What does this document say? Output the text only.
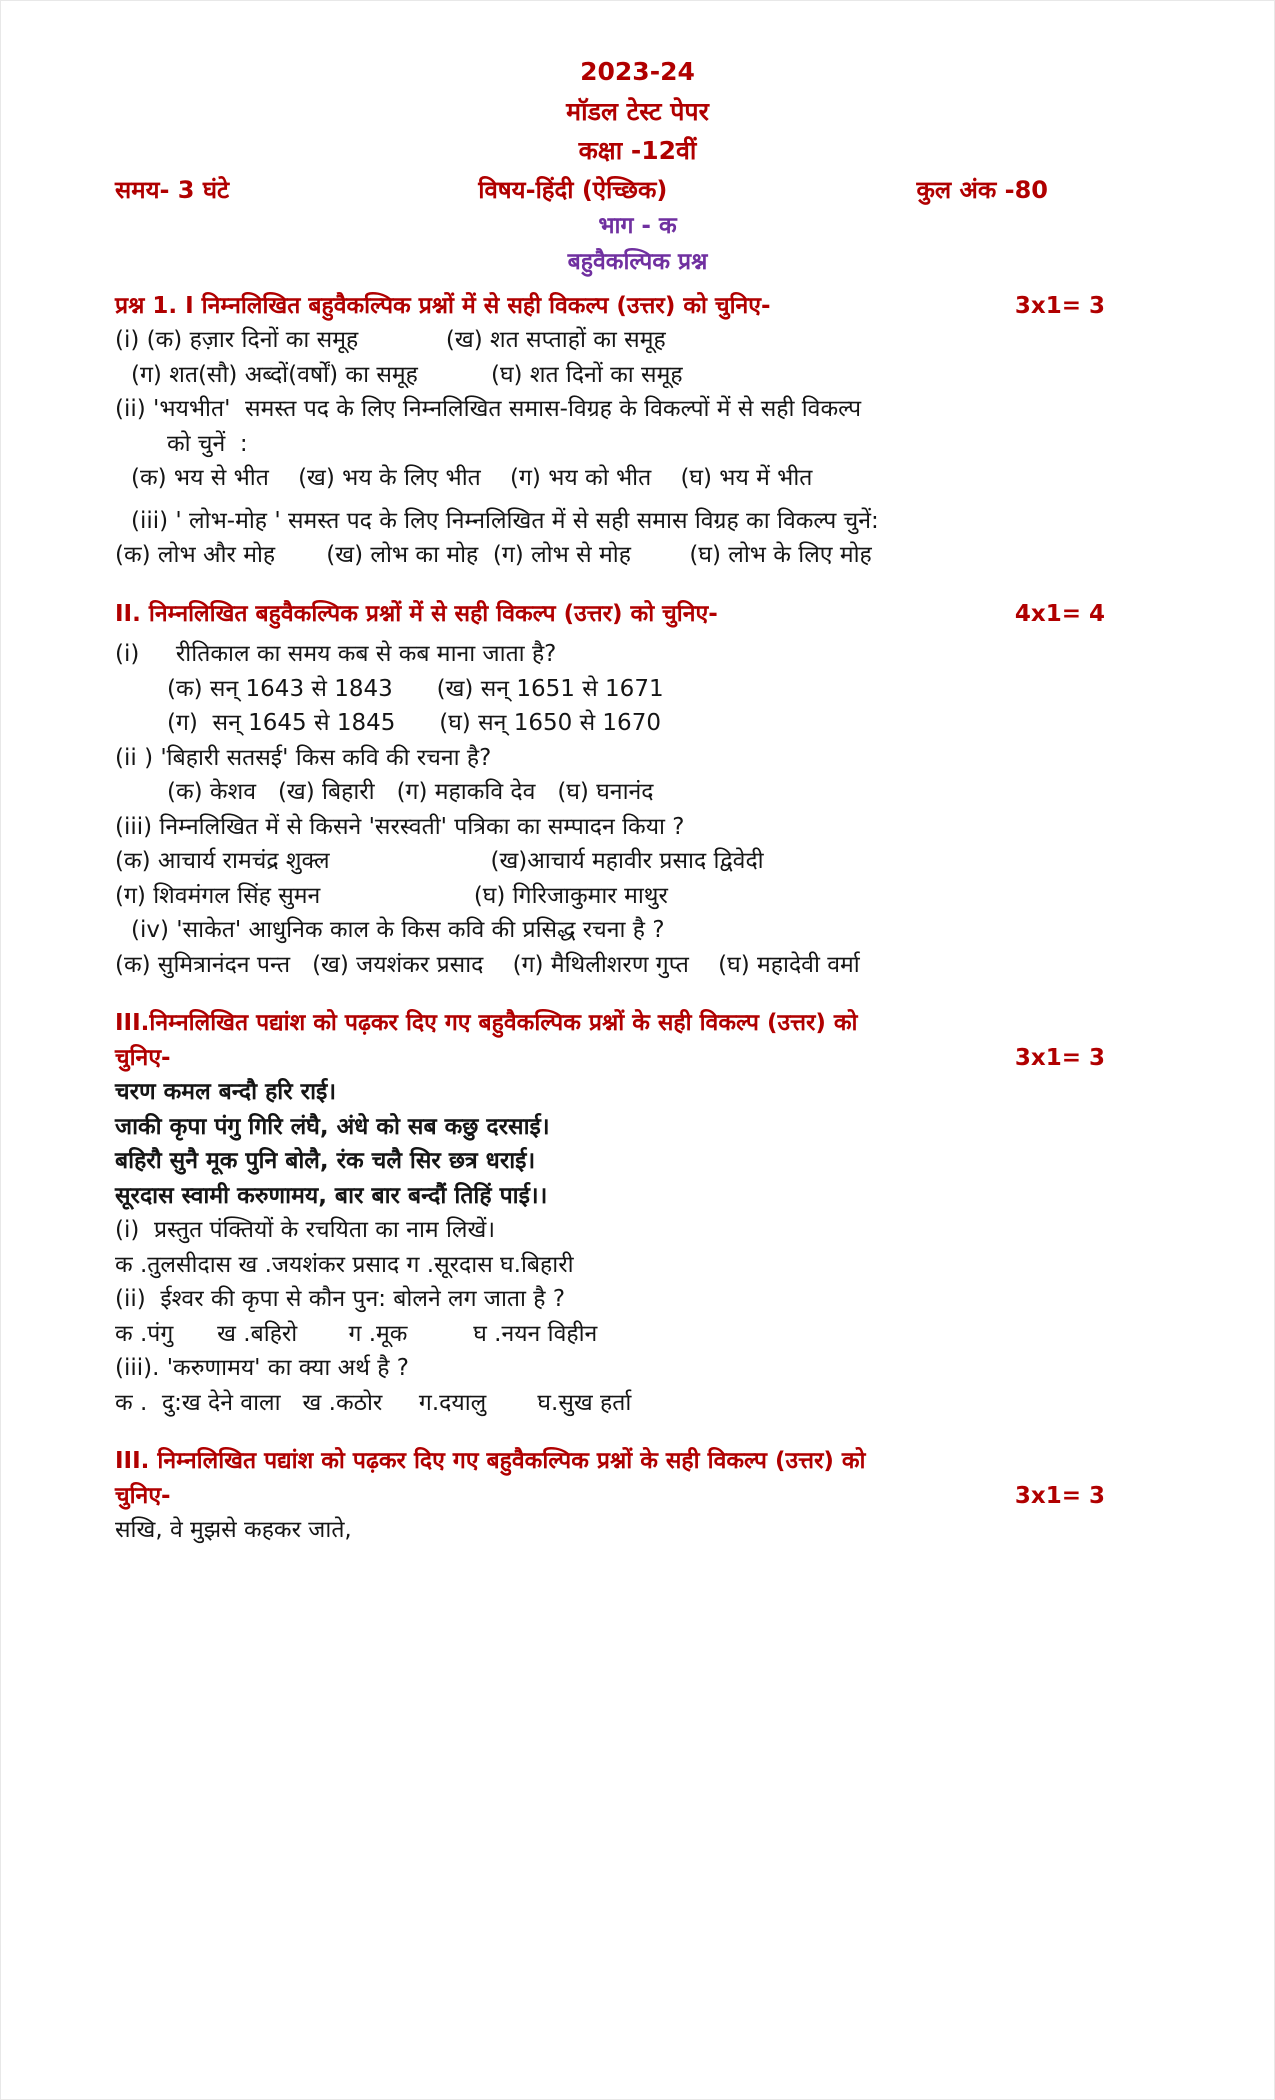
2023-24
मॉडल टेस्ट पेपर
कक्षा -12वीं
समय- 3 घंटे	विषय-हिंदी (ऐच्छिक)	कुल अंक -80
भाग - क
बहुवैकल्पिक प्रश्न
प्रश्न 1. I निम्नलिखित बहुवैकल्पिक प्रश्नों में से सही विकल्प (उत्तर) को चुनिए-	3x1= 3

(i) (क) हज़ार दिनों का समूह            (ख) शत सप्ताहों का समूह

(ग) शत(सौ) अब्दों(वर्षों) का समूह          (घ) शत दिनों का समूह

(ii) 'भयभीत'  समस्त पद के लिए निम्नलिखित समास-विग्रह के विकल्पों में से सही विकल्प

को चुनें  :

(क) भय से भीत    (ख) भय के लिए भीत    (ग) भय को भीत    (घ) भय में भीत

(iii) ' लोभ-मोह ' समस्त पद के लिए निम्नलिखित में से सही समास विग्रह का विकल्प चुनें:

(क) लोभ और मोह       (ख) लोभ का मोह  (ग) लोभ से मोह        (घ) लोभ के लिए मोह

II. निम्नलिखित बहुवैकल्पिक प्रश्नों में से सही विकल्प (उत्तर) को चुनिए-	4x1= 4

(i)     रीतिकाल का समय कब से कब माना जाता है?

(क) सन् 1643 से 1843      (ख) सन् 1651 से 1671

(ग)  सन् 1645 से 1845      (घ) सन् 1650 से 1670

(ii ) 'बिहारी सतसई' किस कवि की रचना है?

(क) केशव   (ख) बिहारी   (ग) महाकवि देव   (घ) घनानंद

(iii) निम्नलिखित में से किसने 'सरस्वती' पत्रिका का सम्पादन किया ?

(क) आचार्य रामचंद्र शुक्ल                      (ख)आचार्य महावीर प्रसाद द्विवेदी

(ग) शिवमंगल सिंह सुमन                     (घ) गिरिजाकुमार माथुर

(iv) 'साकेत' आधुनिक काल के किस कवि की प्रसिद्ध रचना है ?

(क) सुमित्रानंदन पन्त   (ख) जयशंकर प्रसाद    (ग) मैथिलीशरण गुप्त    (घ) महादेवी वर्मा

III.निम्नलिखित पद्यांश को पढ़कर दिए गए बहुवैकल्पिक प्रश्नों के सही विकल्प (उत्तर) को

चुनिए-	3x1= 3

चरण कमल बन्दौ हरि राई।

जाकी कृपा पंगु गिरि लंघै, अंधे को सब कछु दरसाई।

बहिरौ सुनै मूक पुनि बोलै, रंक चलै सिर छत्र धराई।

सूरदास स्वामी करुणामय, बार बार बन्दौं तिहिं पाई।।

(i)  प्रस्तुत पंक्तियों के रचयिता का नाम लिखें।

क .तुलसीदास ख .जयशंकर प्रसाद ग .सूरदास घ.बिहारी

(ii)  ईश्वर की कृपा से कौन पुन: बोलने लग जाता है ?

क .पंगु      ख .बहिरो       ग .मूक         घ .नयन विहीन

(iii). 'करुणामय' का क्या अर्थ है ?

क .  दु:ख देने वाला   ख .कठोर     ग.दयालु       घ.सुख हर्ता

III. निम्नलिखित पद्यांश को पढ़कर दिए गए बहुवैकल्पिक प्रश्नों के सही विकल्प (उत्तर) को

चुनिए-	3x1= 3

सखि, वे मुझसे कहकर जाते,
